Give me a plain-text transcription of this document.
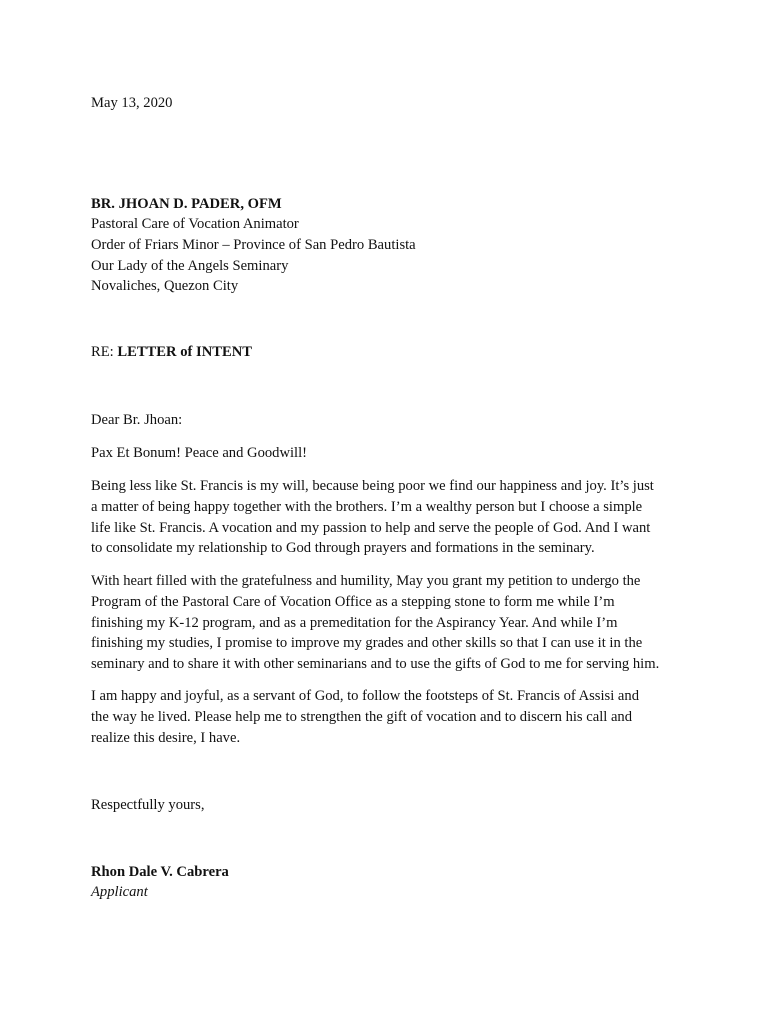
May 13, 2020

BR. JHOAN D. PADER, OFM

Pastoral Care of Vocation Animator

Order of Friars Minor – Province of San Pedro Bautista

Our Lady of the Angels Seminary

Novaliches, Quezon City

RE: LETTER of INTENT

Dear Br. Jhoan:

Pax Et Bonum! Peace and Goodwill!

Being less like St. Francis is my will, because being poor we find our happiness and joy. It’s just
a matter of being happy together with the brothers. I’m a wealthy person but I choose a simple
life like St. Francis. A vocation and my passion to help and serve the people of God. And I want
to consolidate my relationship to God through prayers and formations in the seminary.
With heart filled with the gratefulness and humility, May you grant my petition to undergo the
Program of the Pastoral Care of Vocation Office as a stepping stone to form me while I’m
finishing my K-12 program, and as a premeditation for the Aspirancy Year. And while I’m
finishing my studies, I promise to improve my grades and other skills so that I can use it in the
seminary and to share it with other seminarians and to use the gifts of God to me for serving him.
I am happy and joyful, as a servant of God, to follow the footsteps of St. Francis of Assisi and
the way he lived. Please help me to strengthen the gift of vocation and to discern his call and
realize this desire, I have.

Respectfully yours,

Rhon Dale V. Cabrera

Applicant
